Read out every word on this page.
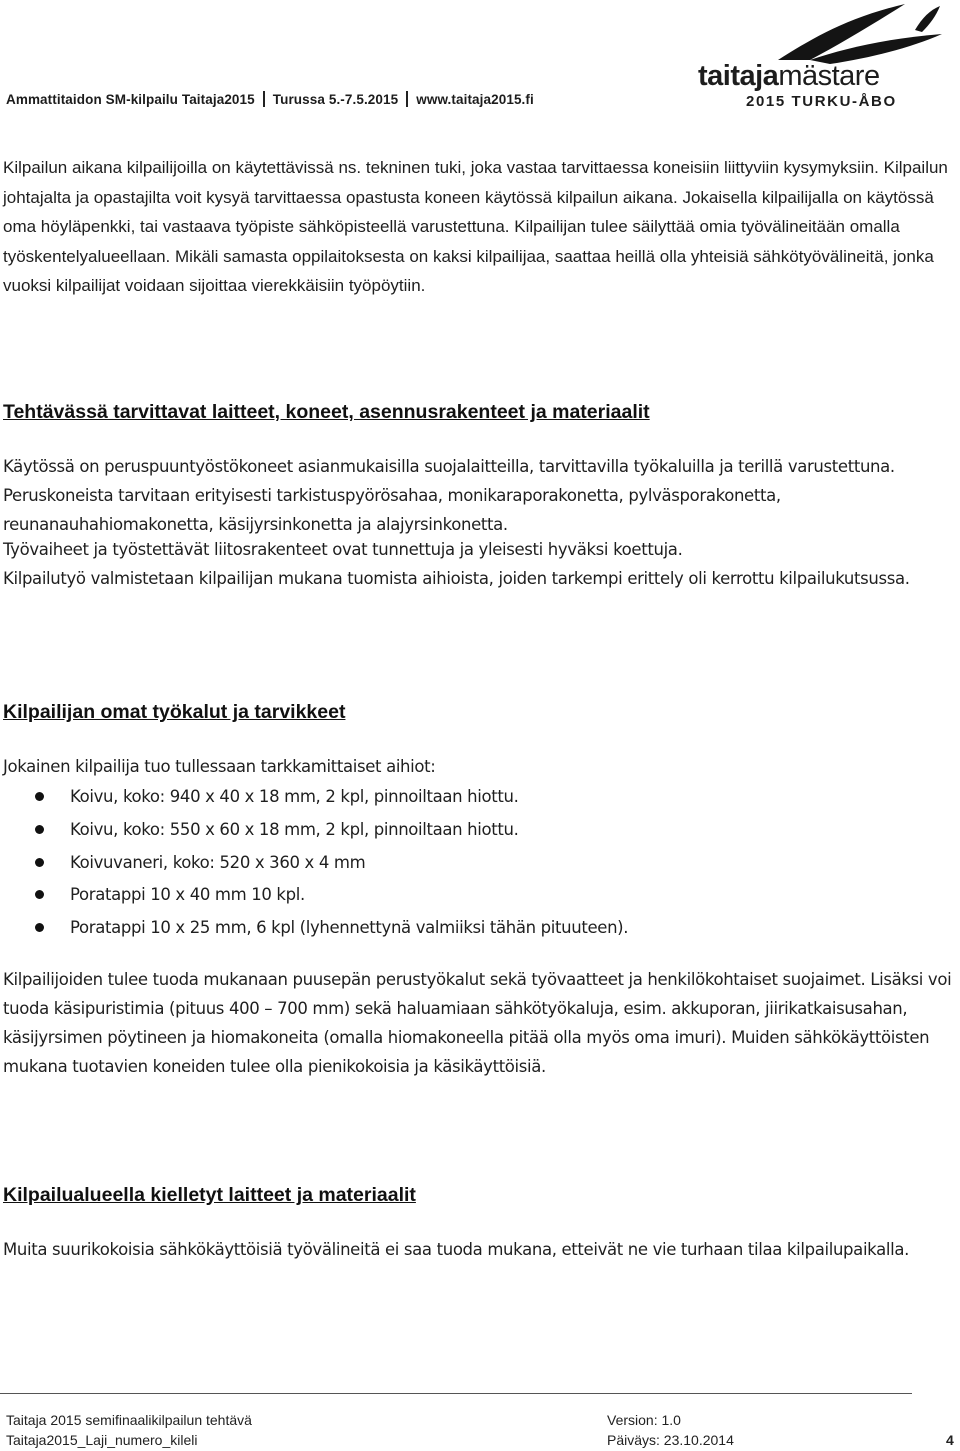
Ammattitaidon SM-kilpailu Taitaja2015 Turussa 5.-7.5.2015 www.taitaja2015.fi
taitajamästare
2015 TURKU-ÅBO

Kilpailun aikana kilpailijoilla on käytettävissä ns. tekninen tuki, joka vastaa tarvittaessa koneisiin liittyviin kysymyksiin. Kilpailun johtajalta ja opastajilta voit kysyä tarvittaessa opastusta koneen käytössä kilpailun aikana. Jokaisella kilpailijalla on käytössä oma höyläpenkki, tai vastaava työpiste sähköpisteellä varustettuna. Kilpailijan tulee säilyttää omia työvälineitään omalla työskentelyalueellaan. Mikäli samasta oppilaitoksesta on kaksi kilpailijaa, saattaa heillä olla yhteisiä sähkötyövälineitä, jonka vuoksi kilpailijat voidaan sijoittaa vierekkäisiin työpöytiin.

Tehtävässä tarvittavat laitteet, koneet, asennusrakenteet ja materiaalit

Käytössä on peruspuuntyöstökoneet asianmukaisilla suojalaitteilla, tarvittavilla työkaluilla ja terillä varustettuna. Peruskoneista tarvitaan erityisesti tarkistuspyörösahaa, monikaraporakonetta, pylväsporakonetta, reunanauhahiomakonetta, käsijyrsinkonetta ja alajyrsinkonetta.

Työvaiheet ja työstettävät liitosrakenteet ovat tunnettuja ja yleisesti hyväksi koettuja.

Kilpailutyö valmistetaan kilpailijan mukana tuomista aihioista, joiden tarkempi erittely oli kerrottu kilpailukutsussa.

Kilpailijan omat työkalut ja tarvikkeet

Jokainen kilpailija tuo tullessaan tarkkamittaiset aihiot:

Koivu, koko: 940 x 40 x 18 mm, 2 kpl, pinnoiltaan hiottu.
Koivu, koko: 550 x 60 x 18 mm, 2 kpl, pinnoiltaan hiottu.
Koivuvaneri, koko: 520 x 360 x 4 mm
Poratappi 10 x 40 mm 10 kpl.
Poratappi 10 x 25 mm, 6 kpl (lyhennettynä valmiiksi tähän pituuteen).

Kilpailijoiden tulee tuoda mukanaan puusepän perustyökalut sekä työvaatteet ja henkilökohtaiset suojaimet. Lisäksi voi tuoda käsipuristimia (pituus 400 – 700 mm) sekä haluamiaan sähkötyökaluja, esim. akkuporan, jiirikatkaisusahan, käsijyrsimen pöytineen ja hiomakoneita (omalla hiomakoneella pitää olla myös oma imuri). Muiden sähkökäyttöisten mukana tuotavien koneiden tulee olla pienikokoisia ja käsikäyttöisiä.

Kilpailualueella kielletyt laitteet ja materiaalit

Muita suurikokoisia sähkökäyttöisiä työvälineitä ei saa tuoda mukana, etteivät ne vie turhaan tilaa kilpailupaikalla.

Taitaja 2015 semifinaalikilpailun tehtävä
Taitaja2015_Laji_numero_kileli
Version: 1.0
Päiväys: 23.10.2014	4
